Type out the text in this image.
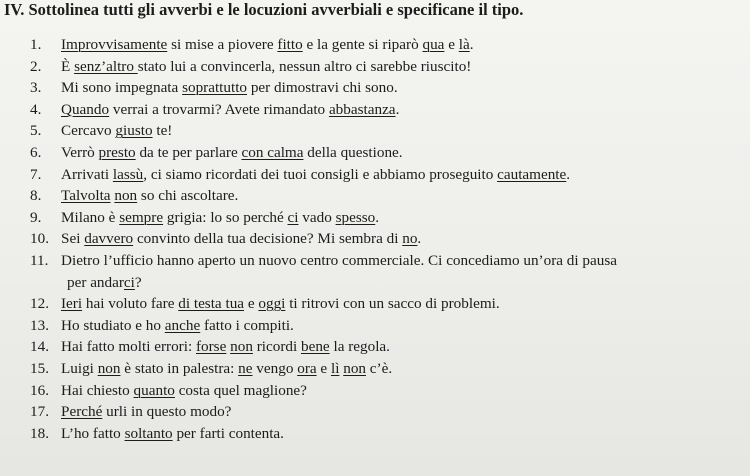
IV. Sottolinea tutti gli avverbi e le locuzioni avverbiali e specificane il tipo.
1. Improvvisamente si mise a piovere fitto e la gente si riparò qua e là.
2. È senz’altro stato lui a convincerla, nessun altro ci sarebbe riuscito!
3. Mi sono impegnata soprattutto per dimostravi chi sono.
4. Quando verrai a trovarmi? Avete rimandato abbastanza.
5. Cercavo giusto te!
6. Verrò presto da te per parlare con calma della questione.
7. Arrivati lassù, ci siamo ricordati dei tuoi consigli e abbiamo proseguito cautamente.
8. Talvolta non so chi ascoltare.
9. Milano è sempre grigia: lo so perché ci vado spesso.
10. Sei davvero convinto della tua decisione? Mi sembra di no.
11. Dietro l’ufficio hanno aperto un nuovo centro commerciale. Ci concediamo un’ora di pausa
per andarci?
12. Ieri hai voluto fare di testa tua e oggi ti ritrovi con un sacco di problemi.
13. Ho studiato e ho anche fatto i compiti.
14. Hai fatto molti errori: forse non ricordi bene la regola.
15. Luigi non è stato in palestra: ne vengo ora e lì non c’è.
16. Hai chiesto quanto costa quel maglione?
17. Perché urli in questo modo?
18. L’ho fatto soltanto per farti contenta.
